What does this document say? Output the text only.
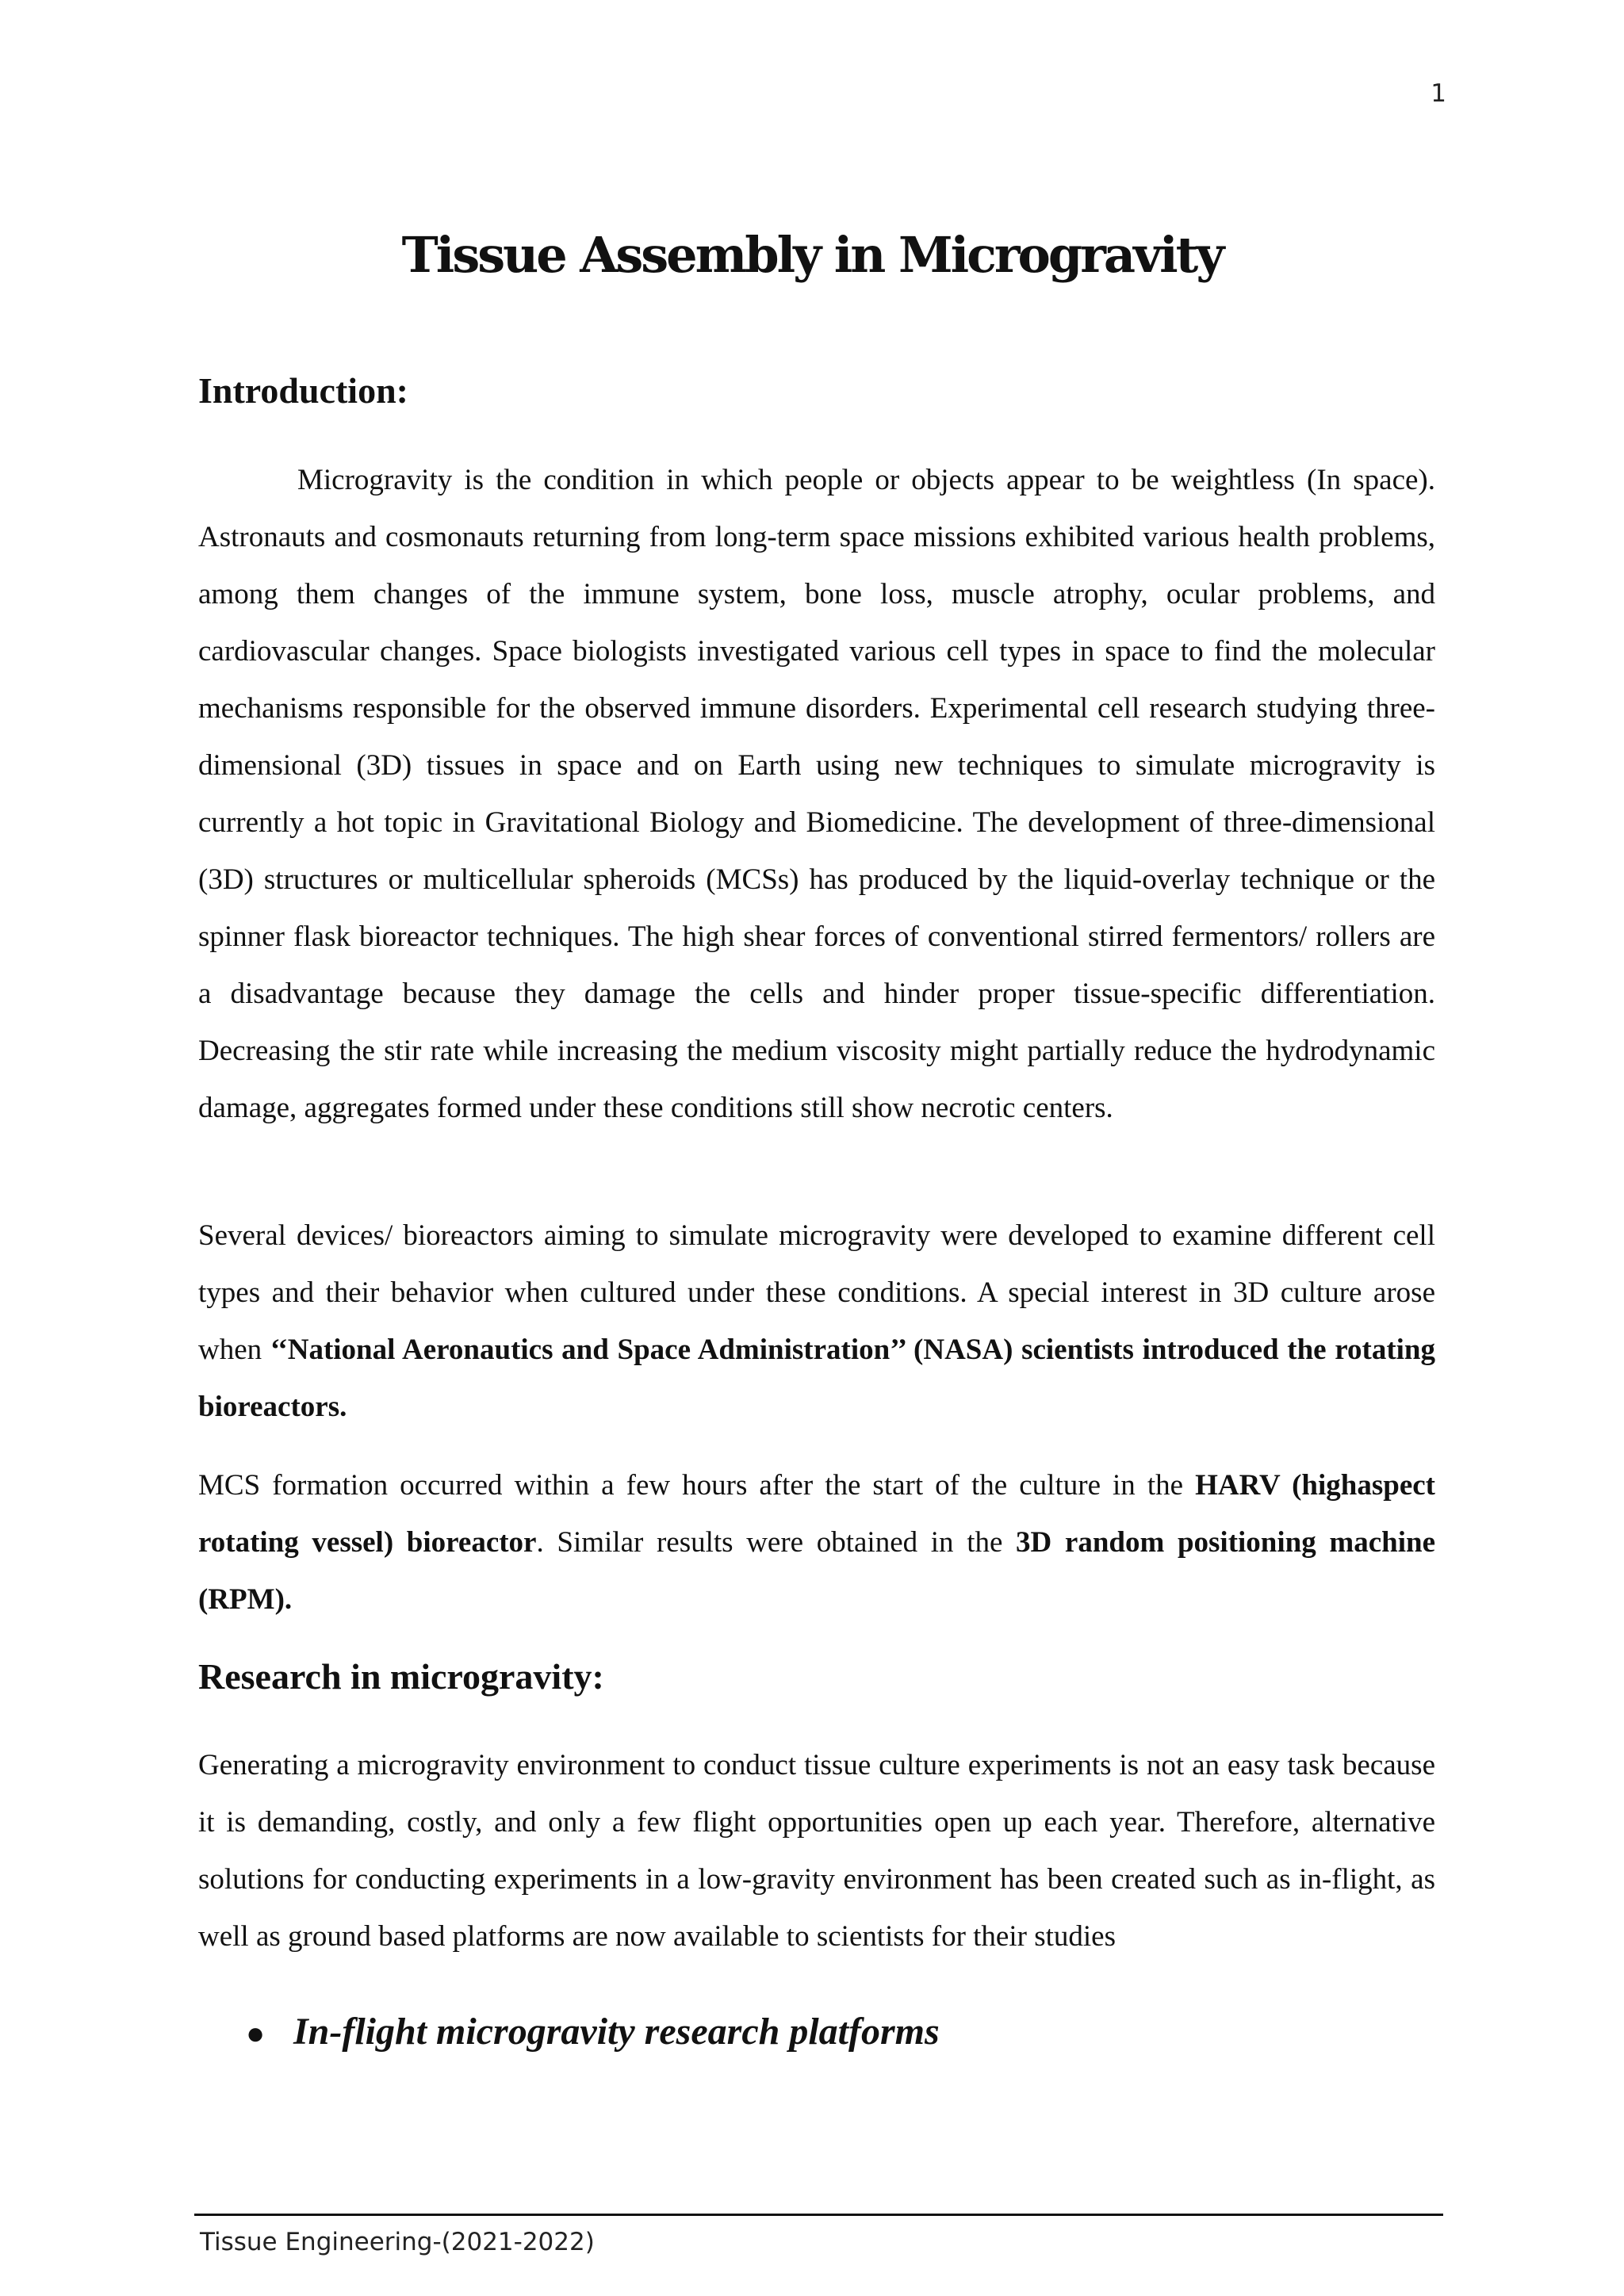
1
Tissue Assembly in Microgravity
Introduction:

Microgravity is the condition in which people or objects appear to be weightless (In space). Astronauts and cosmonauts returning from long-term space missions exhibited various health problems, among them changes of the immune system, bone loss, muscle atrophy, ocular problems, and cardiovascular changes. Space biologists investigated various cell types in space to find the molecular mechanisms responsible for the observed immune disorders. Experimental cell research studying three-dimensional (3D) tissues in space and on Earth using new techniques to simulate microgravity is currently a hot topic in Gravitational Biology and Biomedicine. The development of three-dimensional (3D) structures or multicellular spheroids (MCSs) has produced by the liquid-overlay technique or the spinner flask bioreactor techniques. The high shear forces of conventional stirred fermentors/ rollers are a disadvantage because they damage the cells and hinder proper tissue-specific differentiation. Decreasing the stir rate while increasing the medium viscosity might partially reduce the hydrodynamic damage, aggregates formed under these conditions still show necrotic centers.

Several devices/ bioreactors aiming to simulate microgravity were developed to examine different cell types and their behavior when cultured under these conditions. A special interest in 3D culture arose when ‘‘National Aeronautics and Space Administration’’ (NASA) scientists introduced the rotating bioreactors.

MCS formation occurred within a few hours after the start of the culture in the HARV (highaspect rotating vessel) bioreactor. Similar results were obtained in the 3D random positioning machine (RPM).

Research in microgravity:

Generating a microgravity environment to conduct tissue culture experiments is not an easy task because it is demanding, costly, and only a few flight opportunities open up each year. Therefore, alternative solutions for conducting experiments in a low-gravity environment has been created such as in-flight, as well as ground based platforms are now available to scientists for their studies

● In-flight microgravity research platforms
Tissue Engineering-(2021-2022)
